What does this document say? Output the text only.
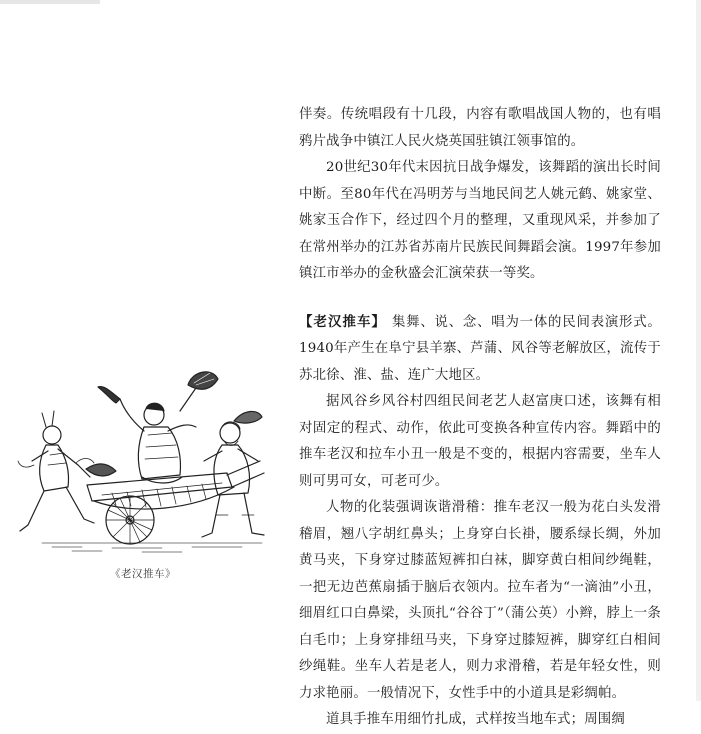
《老汉推车》

伴奏。传统唱段有十几段，内容有歌唱战国人物的，也有唱鸦片战争中镇江人民火烧英国驻镇江领事馆的。

20世纪30年代末因抗日战争爆发，该舞蹈的演出长时间中断。至80年代在冯明芳与当地民间艺人姚元鹤、姚家堂、姚家玉合作下，经过四个月的整理，又重现风采，并参加了在常州举办的江苏省苏南片民族民间舞蹈会演。1997年参加镇江市举办的金秋盛会汇演荣获一等奖。

【老汉推车】 集舞、说、念、唱为一体的民间表演形式。1940年产生在阜宁县羊寨、芦蒲、风谷等老解放区，流传于苏北徐、淮、盐、连广大地区。

据风谷乡风谷村四组民间老艺人赵富庚口述，该舞有相对固定的程式、动作，依此可变换各种宣传内容。舞蹈中的推车老汉和拉车小丑一般是不变的，根据内容需要，坐车人则可男可女，可老可少。

人物的化装强调诙谐滑稽：推车老汉一般为花白头发滑稽眉，翘八字胡红鼻头；上身穿白长褂，腰系绿长绸，外加黄马夹，下身穿过膝蓝短裤扣白袜，脚穿黄白相间纱绳鞋，一把无边芭蕉扇插于脑后衣领内。拉车者为“一滴油”小丑，细眉红口白鼻梁，头顶扎“谷谷丁”（蒲公英）小辫，脖上一条白毛巾；上身穿排纽马夹，下身穿过膝短裤，脚穿红白相间纱绳鞋。坐车人若是老人，则力求滑稽，若是年轻女性，则力求艳丽。一般情况下，女性手中的小道具是彩绸帕。

道具手推车用细竹扎成，式样按当地车式；周围绸
